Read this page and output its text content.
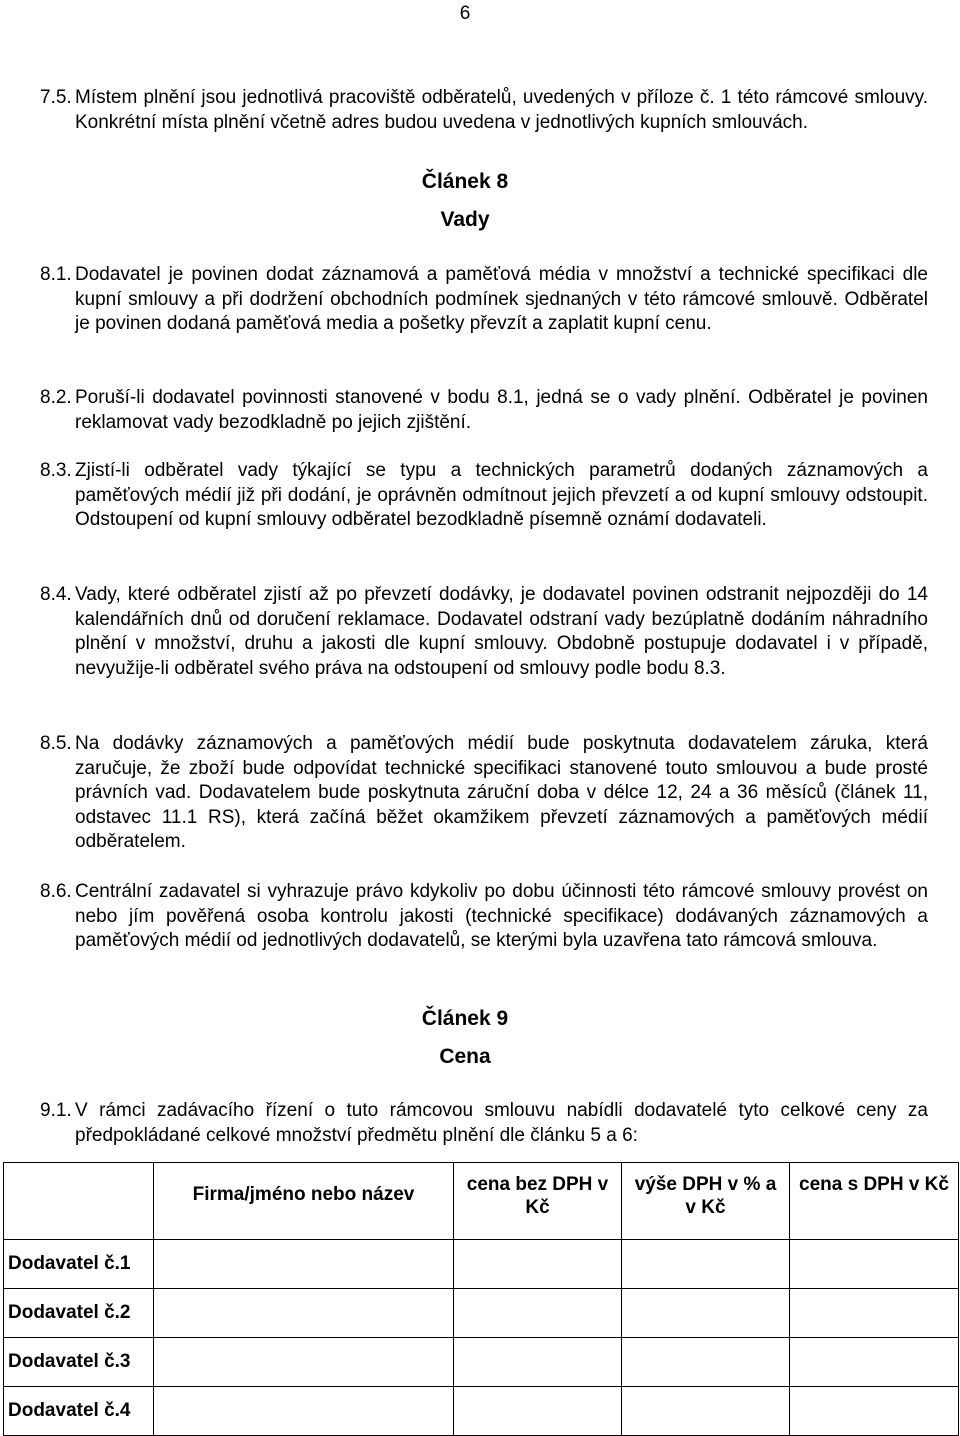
6
7.5. Místem plnění jsou jednotlivá pracoviště odběratelů, uvedených v příloze č. 1 této rámcové smlouvy. Konkrétní místa plnění včetně adres budou uvedena v jednotlivých kupních smlouvách.
Článek 8
Vady
8.1. Dodavatel je povinen dodat záznamová a paměťová média v množství a technické specifikaci dle kupní smlouvy a při dodržení obchodních podmínek sjednaných v této rámcové smlouvě. Odběratel je povinen dodaná paměťová media a pošetky převzít a zaplatit kupní cenu.
8.2. Poruší-li dodavatel povinnosti stanovené v bodu 8.1, jedná se o vady plnění. Odběratel je povinen reklamovat vady bezodkladně po jejich zjištění.
8.3. Zjistí-li odběratel vady týkající se typu a technických parametrů dodaných záznamových a paměťových médií již při dodání, je oprávněn odmítnout jejich převzetí a od kupní smlouvy odstoupit. Odstoupení od kupní smlouvy odběratel bezodkladně písemně oznámí dodavateli.
8.4. Vady, které odběratel zjistí až po převzetí dodávky, je dodavatel povinen odstranit nejpozději do 14 kalendářních dnů od doručení reklamace. Dodavatel odstraní vady bezúplatně dodáním náhradního plnění v množství, druhu a jakosti dle kupní smlouvy. Obdobně postupuje dodavatel i v případě, nevyužije-li odběratel svého práva na odstoupení od smlouvy podle bodu 8.3.
8.5. Na dodávky záznamových a paměťových médií bude poskytnuta dodavatelem záruka, která zaručuje, že zboží bude odpovídat technické specifikaci stanovené touto smlouvou a bude prosté právních vad. Dodavatelem bude poskytnuta záruční doba v délce 12, 24 a 36 měsíců (článek 11, odstavec 11.1 RS), která začíná běžet okamžikem převzetí záznamových a paměťových médií odběratelem.
8.6. Centrální zadavatel si vyhrazuje právo kdykoliv po dobu účinnosti této rámcové smlouvy provést on nebo jím pověřená osoba kontrolu jakosti (technické specifikace) dodávaných záznamových a paměťových médií od jednotlivých dodavatelů, se kterými byla uzavřena tato rámcová smlouva.
Článek 9
Cena
9.1. V rámci zadávacího řízení o tuto rámcovou smlouvu nabídli dodavatelé tyto celkové ceny za předpokládané celkové množství předmětu plnění dle článku 5 a 6:
	Firma/jméno nebo název	cena bez DPH v Kč	výše DPH v % a v Kč	cena s DPH v Kč
Dodavatel č.1				
Dodavatel č.2				
Dodavatel č.3				
Dodavatel č.4				
